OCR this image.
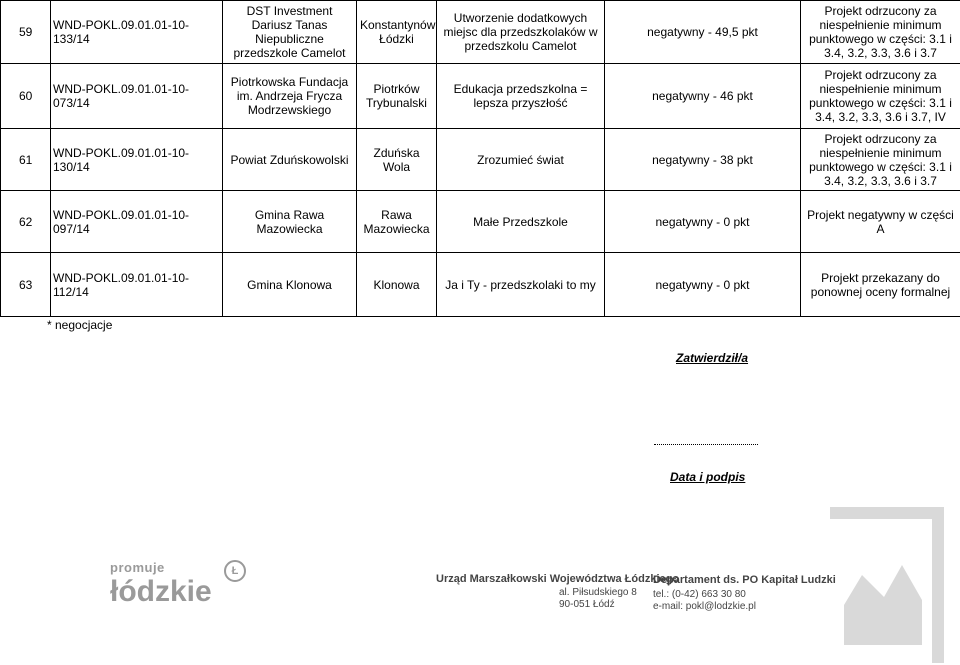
59	WND-POKL.09.01.01-10-133/14	DST Investment Dariusz Tanas Niepubliczne przedszkole Camelot	Konstantynów Łódzki	Utworzenie dodatkowych miejsc dla przedszkolaków w przedszkolu Camelot	negatywny - 49,5 pkt	Projekt odrzucony za niespełnienie minimum punktowego w części: 3.1 i 3.4, 3.2, 3.3, 3.6 i 3.7
60	WND-POKL.09.01.01-10-073/14	Piotrkowska Fundacja im. Andrzeja Frycza Modrzewskiego	Piotrków Trybunalski	Edukacja przedszkolna = lepsza przyszłość	negatywny - 46 pkt	Projekt odrzucony za niespełnienie minimum punktowego w części: 3.1 i 3.4, 3.2, 3.3, 3.6 i 3.7, IV
61	WND-POKL.09.01.01-10-130/14	Powiat Zduńskowolski	Zduńska Wola	Zrozumieć świat	negatywny - 38 pkt	Projekt odrzucony za niespełnienie minimum punktowego w części: 3.1 i 3.4, 3.2, 3.3, 3.6 i 3.7
62	WND-POKL.09.01.01-10-097/14	Gmina Rawa Mazowiecka	Rawa Mazowiecka	Małe Przedszkole	negatywny - 0 pkt	Projekt negatywny w części A
63	WND-POKL.09.01.01-10-112/14	Gmina Klonowa	Klonowa	Ja i Ty - przedszkolaki to my	negatywny - 0 pkt	Projekt przekazany do ponownej oceny formalnej
* negocjacje
Zatwierdził/a
Data i podpis
promuje
łódzkie
Ł
Urząd Marszałkowski Województwa Łódzkiego
al. Piłsudskiego 8
90-051 Łódź
Departament ds. PO Kapitał Ludzki
tel.: (0-42) 663 30 80
e-mail: pokl@lodzkie.pl
